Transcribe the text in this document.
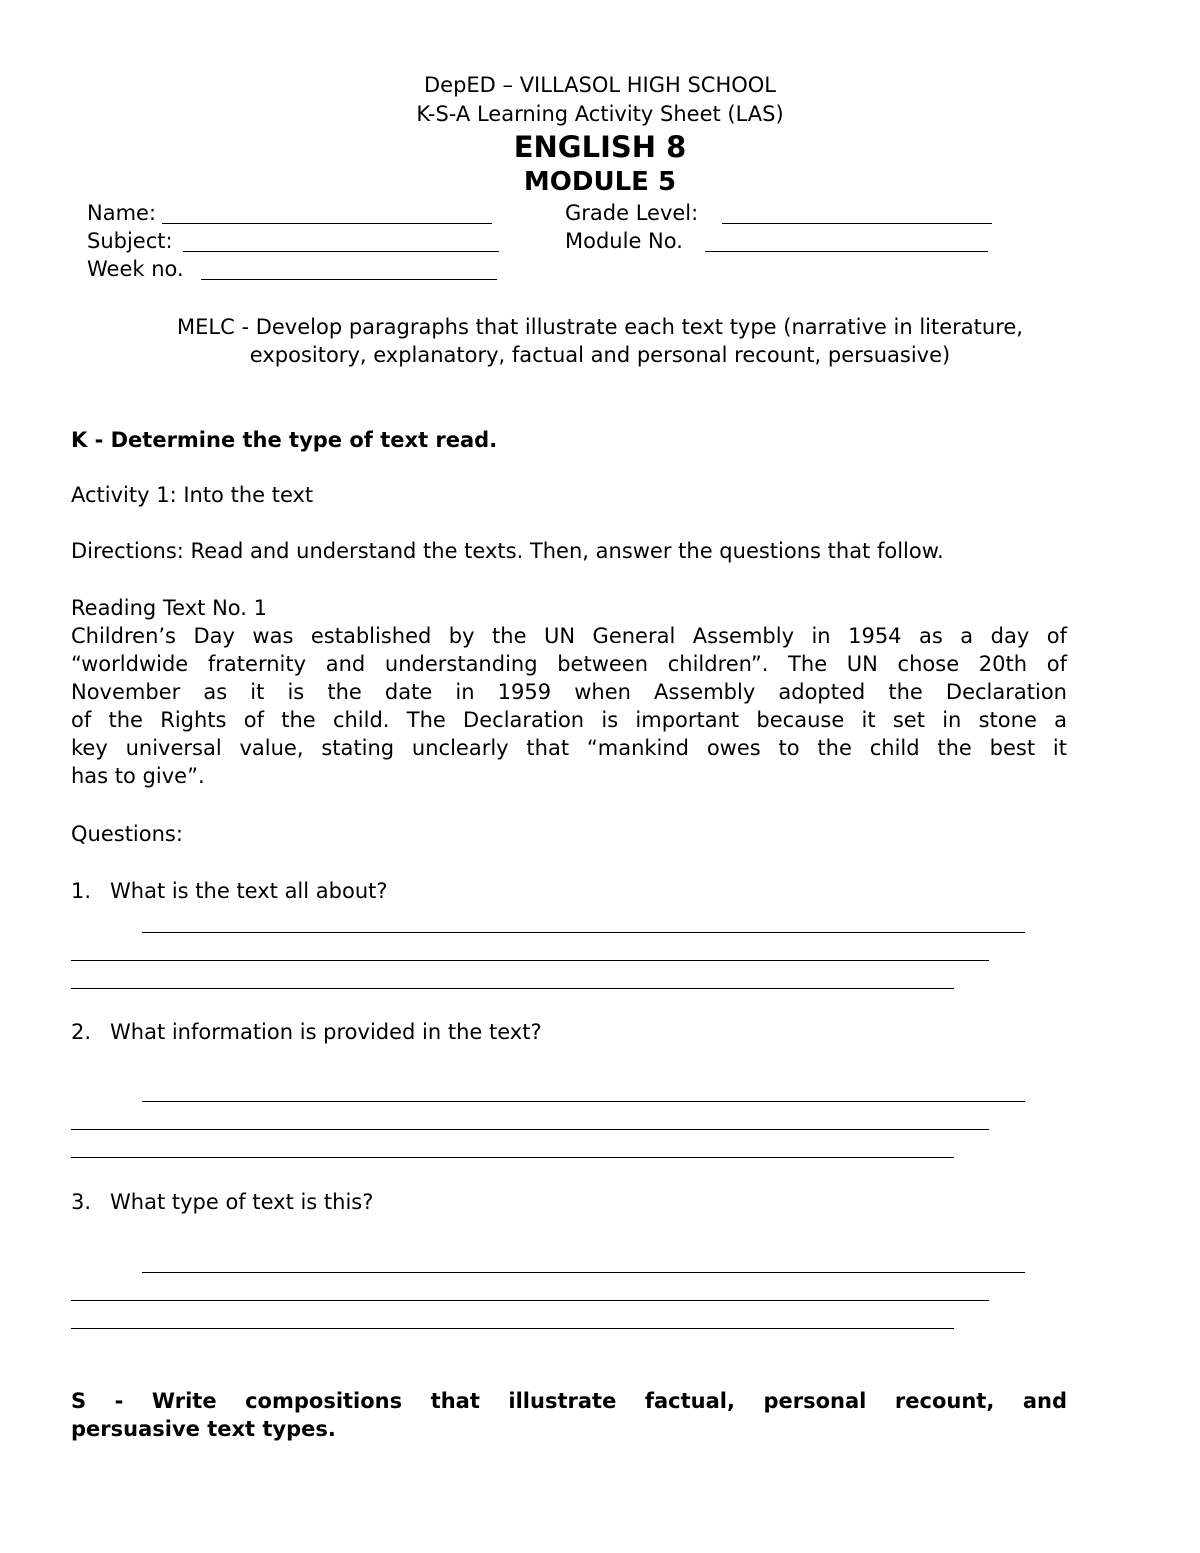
DepED – VILLASOL HIGH SCHOOL
K-S-A Learning Activity Sheet (LAS)
ENGLISH 8
MODULE 5
Name:
Subject:
Week no.
Grade Level:
Module No.
MELC - Develop paragraphs that illustrate each text type (narrative in literature,
expository, explanatory, factual and personal recount, persuasive)
K - Determine the type of text read.
Activity 1: Into the text
Directions: Read and understand the texts. Then, answer the questions that follow.
Reading Text No. 1

Children’s Day was established by the UN General Assembly in 1954 as a day of

“worldwide fraternity and understanding between children”. The UN chose 20th of

November as it is the date in 1959 when Assembly adopted the Declaration

of the Rights of the child. The Declaration is important because it set in stone a

key universal value, stating unclearly that “mankind owes to the child the best it

has to give”.

Questions:
1. What is the text all about?
2. What information is provided in the text?
3. What type of text is this?

S - Write compositions that illustrate factual, personal recount, and

persuasive text types.
